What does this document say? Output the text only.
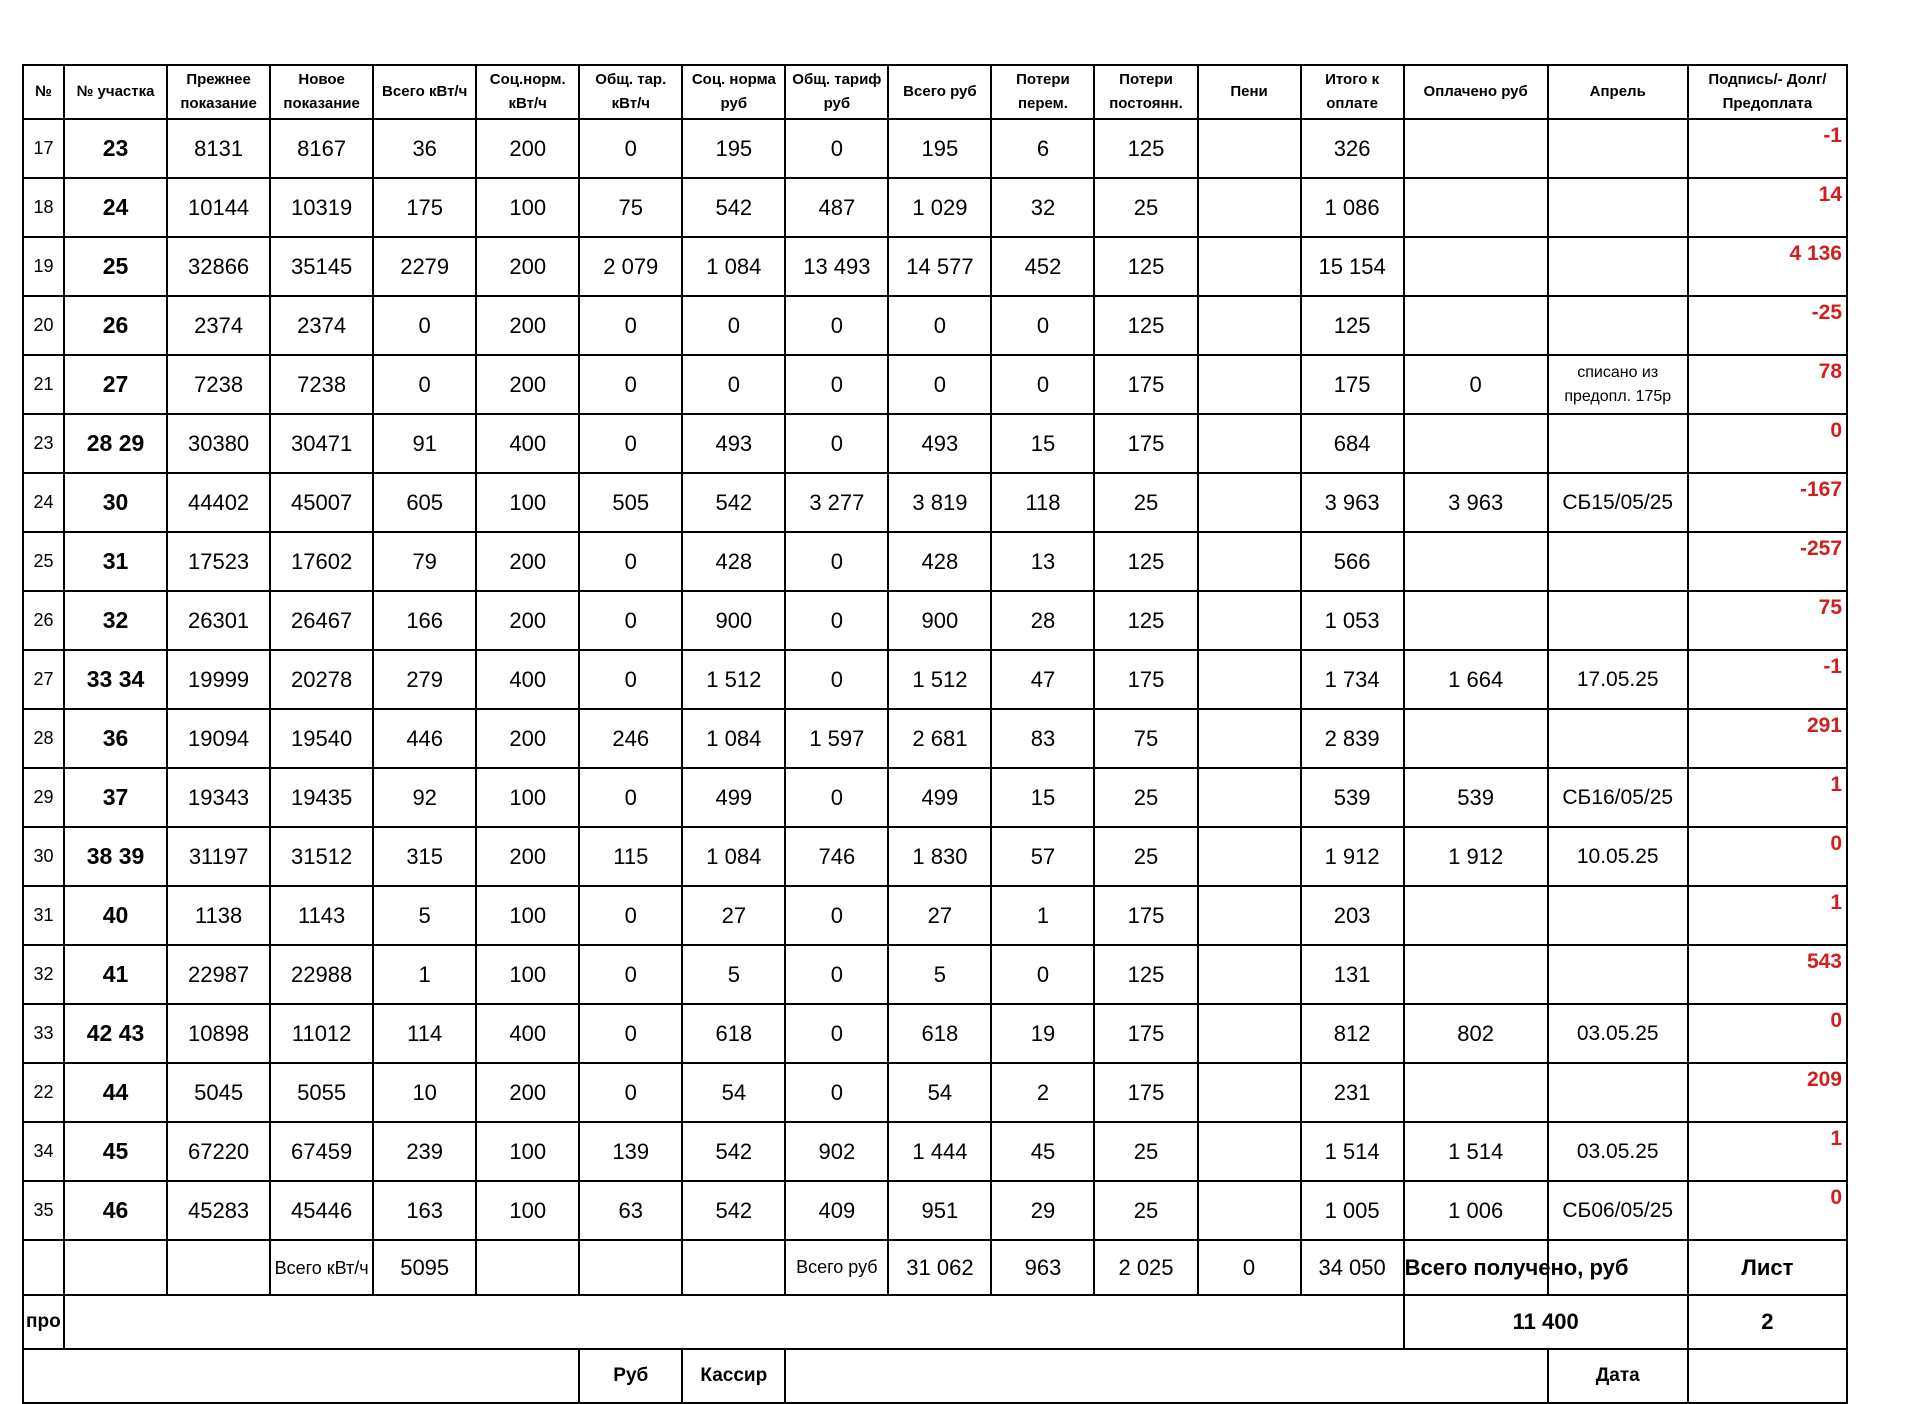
№	№ участка	Прежнее показание	Новое показание	Всего кВт/ч	Соц.норм. кВт/ч	Общ. тар. кВт/ч	Соц. норма руб	Общ. тариф руб	Всего руб	Потери перем.	Потери постоянн.	Пени	Итого к оплате	Оплачено руб	Апрель	Подпись/- Долг/Предоплата
17	23	8131	8167	36	200	0	195	0	195	6	125		326			-1
18	24	10144	10319	175	100	75	542	487	1 029	32	25		1 086			14
19	25	32866	35145	2279	200	2 079	1 084	13 493	14 577	452	125		15 154			4 136
20	26	2374	2374	0	200	0	0	0	0	0	125		125			-25
21	27	7238	7238	0	200	0	0	0	0	0	175		175	0	списано из предопл. 175р	78
23	28 29	30380	30471	91	400	0	493	0	493	15	175		684			0
24	30	44402	45007	605	100	505	542	3 277	3 819	118	25		3 963	3 963	СБ15/05/25	-167
25	31	17523	17602	79	200	0	428	0	428	13	125		566			-257
26	32	26301	26467	166	200	0	900	0	900	28	125		1 053			75
27	33 34	19999	20278	279	400	0	1 512	0	1 512	47	175		1 734	1 664	17.05.25	-1
28	36	19094	19540	446	200	246	1 084	1 597	2 681	83	75		2 839			291
29	37	19343	19435	92	100	0	499	0	499	15	25		539	539	СБ16/05/25	1
30	38 39	31197	31512	315	200	115	1 084	746	1 830	57	25		1 912	1 912	10.05.25	0
31	40	1138	1143	5	100	0	27	0	27	1	175		203			1
32	41	22987	22988	1	100	0	5	0	5	0	125		131			543
33	42 43	10898	11012	114	400	0	618	0	618	19	175		812	802	03.05.25	0
22	44	5045	5055	10	200	0	54	0	54	2	175		231			209
34	45	67220	67459	239	100	139	542	902	1 444	45	25		1 514	1 514	03.05.25	1
35	46	45283	45446	163	100	63	542	409	951	29	25		1 005	1 006	СБ06/05/25	0
			Всего кВт/ч	5095				Всего руб	31 062	963	2 025	0	34 050	Всего получено, руб		Лист
про														11 400		2
						Руб	Кассир								Дата	
